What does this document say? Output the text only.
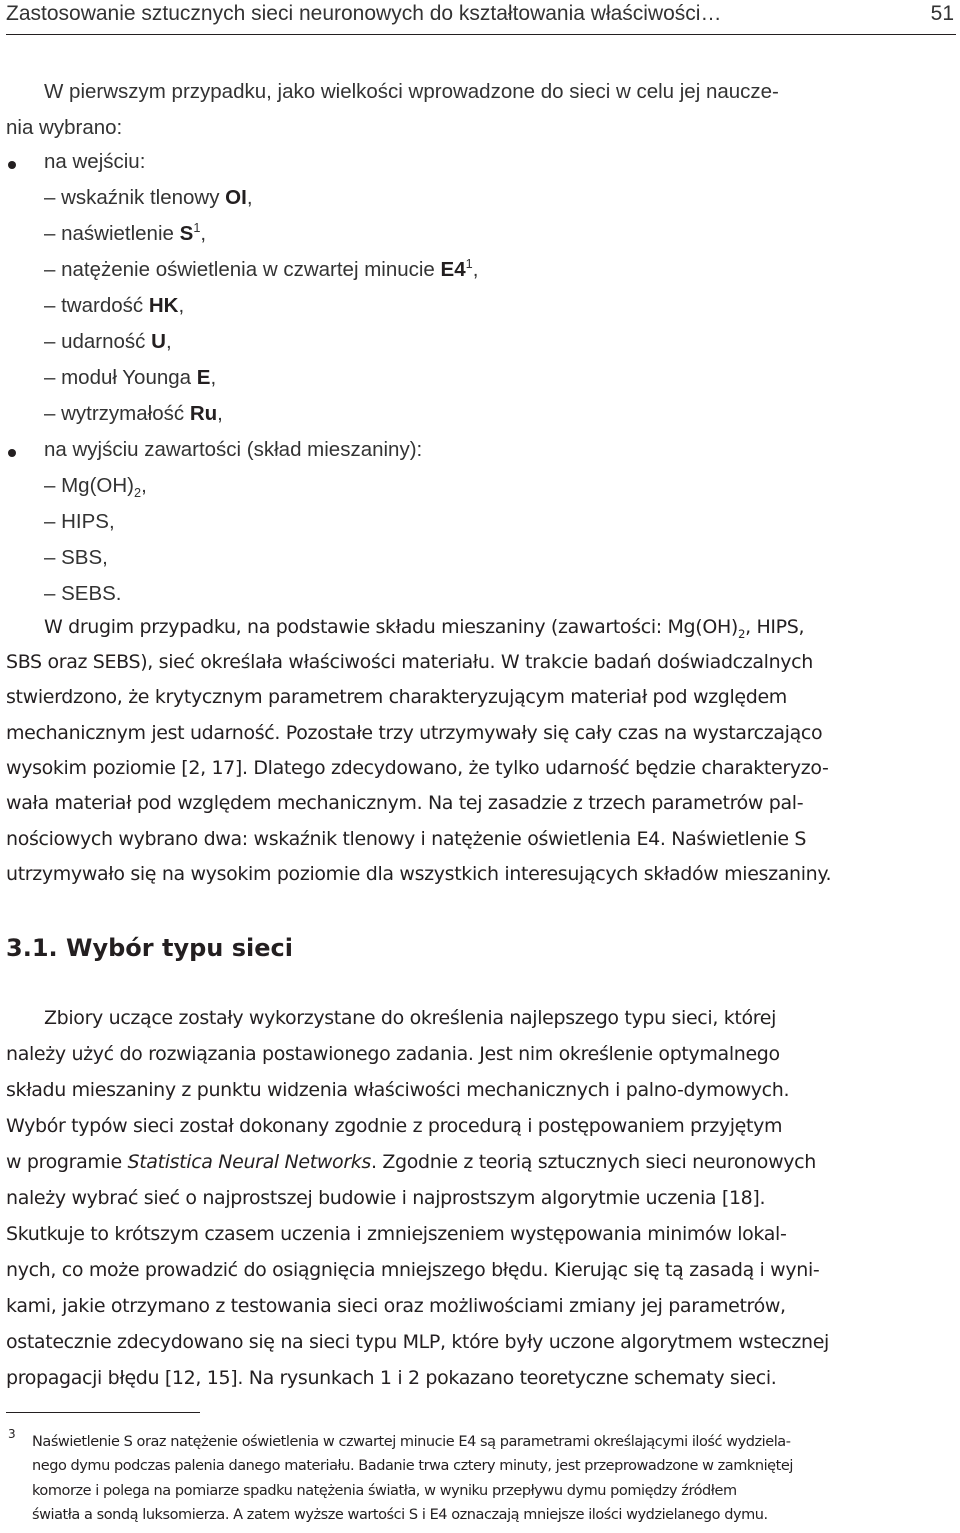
Zastosowanie sztucznych sieci neuronowych do kształtowania właściwości…	51
W pierwszym przypadku, jako wielkości wprowadzone do sieci w celu jej naucze-
nia wybrano:
na wejściu:
– wskaźnik tlenowy OI,
– naświetlenie $S^1$,
– natężenie oświetlenia w czwartej minucie $E4^1$,
– twardość HK,
– udarność U,
– moduł Younga E,
– wytrzymałość Ru,
na wyjściu zawartości (skład mieszaniny):
– $Mg(OH)_2$,
– HIPS,
– SBS,
– SEBS.
W drugim przypadku, na podstawie składu mieszaniny (zawartości: $Mg(OH)_2$, HIPS,
SBS oraz SEBS), sieć określała właściwości materiału. W trakcie badań doświadczalnych
stwierdzono, że krytycznym parametrem charakteryzującym materiał pod względem
mechanicznym jest udarność. Pozostałe trzy utrzymywały się cały czas na wystarczająco
wysokim poziomie [2, 17]. Dlatego zdecydowano, że tylko udarność będzie charakteryzo-
wała materiał pod względem mechanicznym. Na tej zasadzie z trzech parametrów pal-
nościowych wybrano dwa: wskaźnik tlenowy i natężenie oświetlenia E4. Naświetlenie S
utrzymywało się na wysokim poziomie dla wszystkich interesujących składów mieszaniny.
3.1. Wybór typu sieci
Zbiory uczące zostały wykorzystane do określenia najlepszego typu sieci, której
należy użyć do rozwiązania postawionego zadania. Jest nim określenie optymalnego
składu mieszaniny z punktu widzenia właściwości mechanicznych i palno-dymowych.
Wybór typów sieci został dokonany zgodnie z procedurą i postępowaniem przyjętym
w programie Statistica Neural Networks. Zgodnie z teorią sztucznych sieci neuronowych
należy wybrać sieć o najprostszej budowie i najprostszym algorytmie uczenia [18].
Skutkuje to krótszym czasem uczenia i zmniejszeniem występowania minimów lokal-
nych, co może prowadzić do osiągnięcia mniejszego błędu. Kierując się tą zasadą i wyni-
kami, jakie otrzymano z testowania sieci oraz możliwościami zmiany jej parametrów,
ostatecznie zdecydowano się na sieci typu MLP, które były uczone algorytmem wstecznej
propagacji błędu [12, 15]. Na rysunkach 1 i 2 pokazano teoretyczne schematy sieci.
3 Naświetlenie S oraz natężenie oświetlenia w czwartej minucie E4 są parametrami określającymi ilość wydziela-
nego dymu podczas palenia danego materiału. Badanie trwa cztery minuty, jest przeprowadzone w zamkniętej
komorze i polega na pomiarze spadku natężenia światła, w wyniku przepływu dymu pomiędzy źródłem
światła a sondą luksomierza. A zatem wyższe wartości S i E4 oznaczają mniejsze ilości wydzielanego dymu.
